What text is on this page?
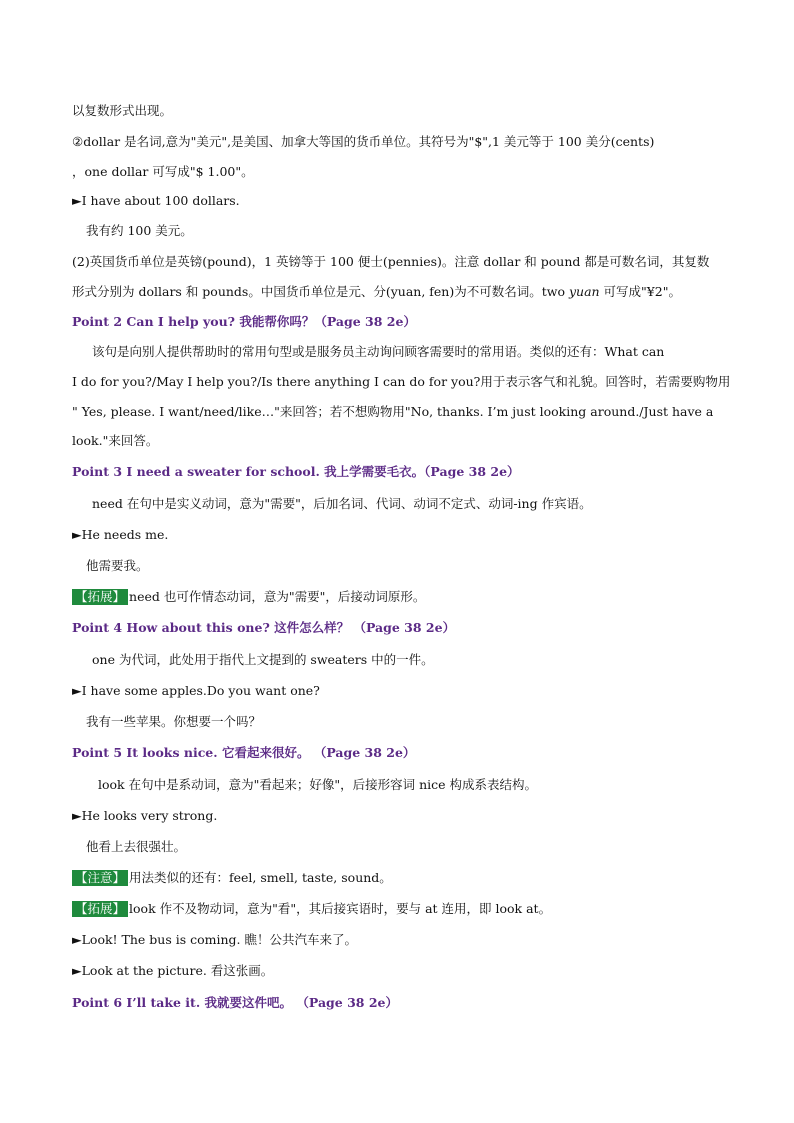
以复数形式出现。
②dollar 是名词,意为"美元",是美国、加拿大等国的货币单位。其符号为"$",1 美元等于 100 美分(cents)
，one dollar 可写成"$ 1.00"。
►I have about 100 dollars.
我有约 100 美元。
(2)英国货币单位是英镑(pound)，1 英镑等于 100 便士(pennies)。注意 dollar 和 pound 都是可数名词，其复数
形式分别为 dollars 和 pounds。中国货币单位是元、分(yuan, fen)为不可数名词。two yuan 可写成"¥2"。
Point 2 Can I help you? 我能帮你吗？（Page 38 2e）
该句是向别人提供帮助时的常用句型或是服务员主动询问顾客需要时的常用语。类似的还有：What can
I do for you?/May I help you?/Is there anything I can do for you?用于表示客气和礼貌。回答时，若需要购物用
" Yes, please. I want/need/like…"来回答；若不想购物用"No, thanks. I’m just looking around./Just have a
look."来回答。
Point 3 I need a sweater for school. 我上学需要毛衣。（Page 38 2e）
need 在句中是实义动词，意为"需要"，后加名词、代词、动词不定式、动词-ing 作宾语。
►He needs me.
他需要我。
【拓展】 need 也可作情态动词，意为"需要"，后接动词原形。
Point 4 How about this one? 这件怎么样？ （Page 38 2e）
one 为代词，此处用于指代上文提到的 sweaters 中的一件。
►I have some apples.Do you want one?
我有一些苹果。你想要一个吗？
Point 5 It looks nice. 它看起来很好。 （Page 38 2e）
look 在句中是系动词，意为"看起来；好像"，后接形容词 nice 构成系表结构。
►He looks very strong.
他看上去很强壮。
【注意】 用法类似的还有：feel, smell, taste, sound。
【拓展】 look 作不及物动词，意为"看"，其后接宾语时，要与 at 连用，即 look at。
►Look! The bus is coming. 瞧！公共汽车来了。
►Look at the picture. 看这张画。
Point 6 I’ll take it. 我就要这件吧。 （Page 38 2e）
